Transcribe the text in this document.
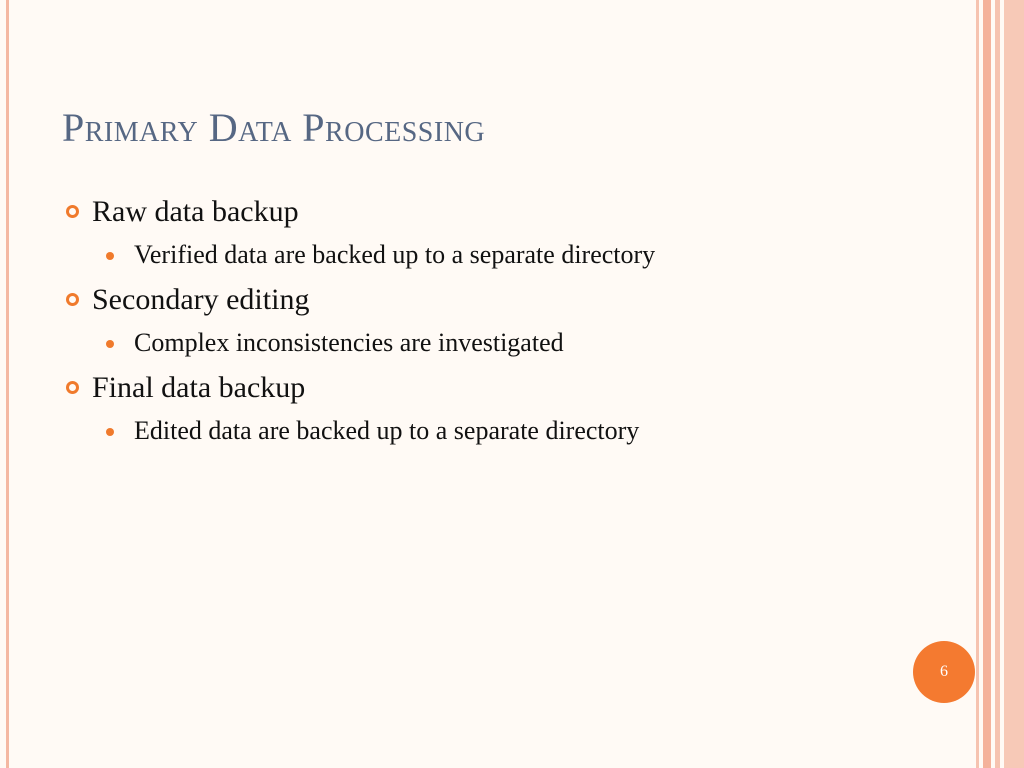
Primary Data Processing
Raw data backup
Verified data are backed up to a separate directory
Secondary editing
Complex inconsistencies are investigated
Final data backup
Edited data are backed up to a separate directory
6
